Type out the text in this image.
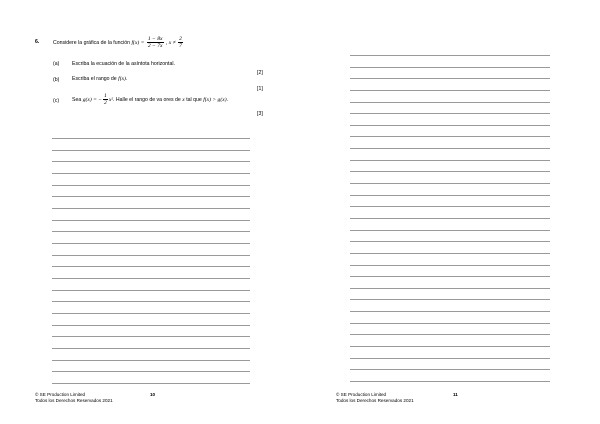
6.	Considere la gráfica de la función $f(x) = \frac{1 - 8x}{2 - 7x}$ , $x \ne \frac{2}{7}$
(a) Escriba la ecuación de la asíntota horizontal.
[2]
(b) Escriba el rango de f(x).
[1]
(c) Sea g(x) = − $\frac{1}{2} x^2$. Halle el rango de va ores de x tal que f(x) > g(x).
[3]
© SE Production Limited
Todos los Derechos Reservados 2021
10	© SE Production Limited
Todos los Derechos Reservados 2021
11
